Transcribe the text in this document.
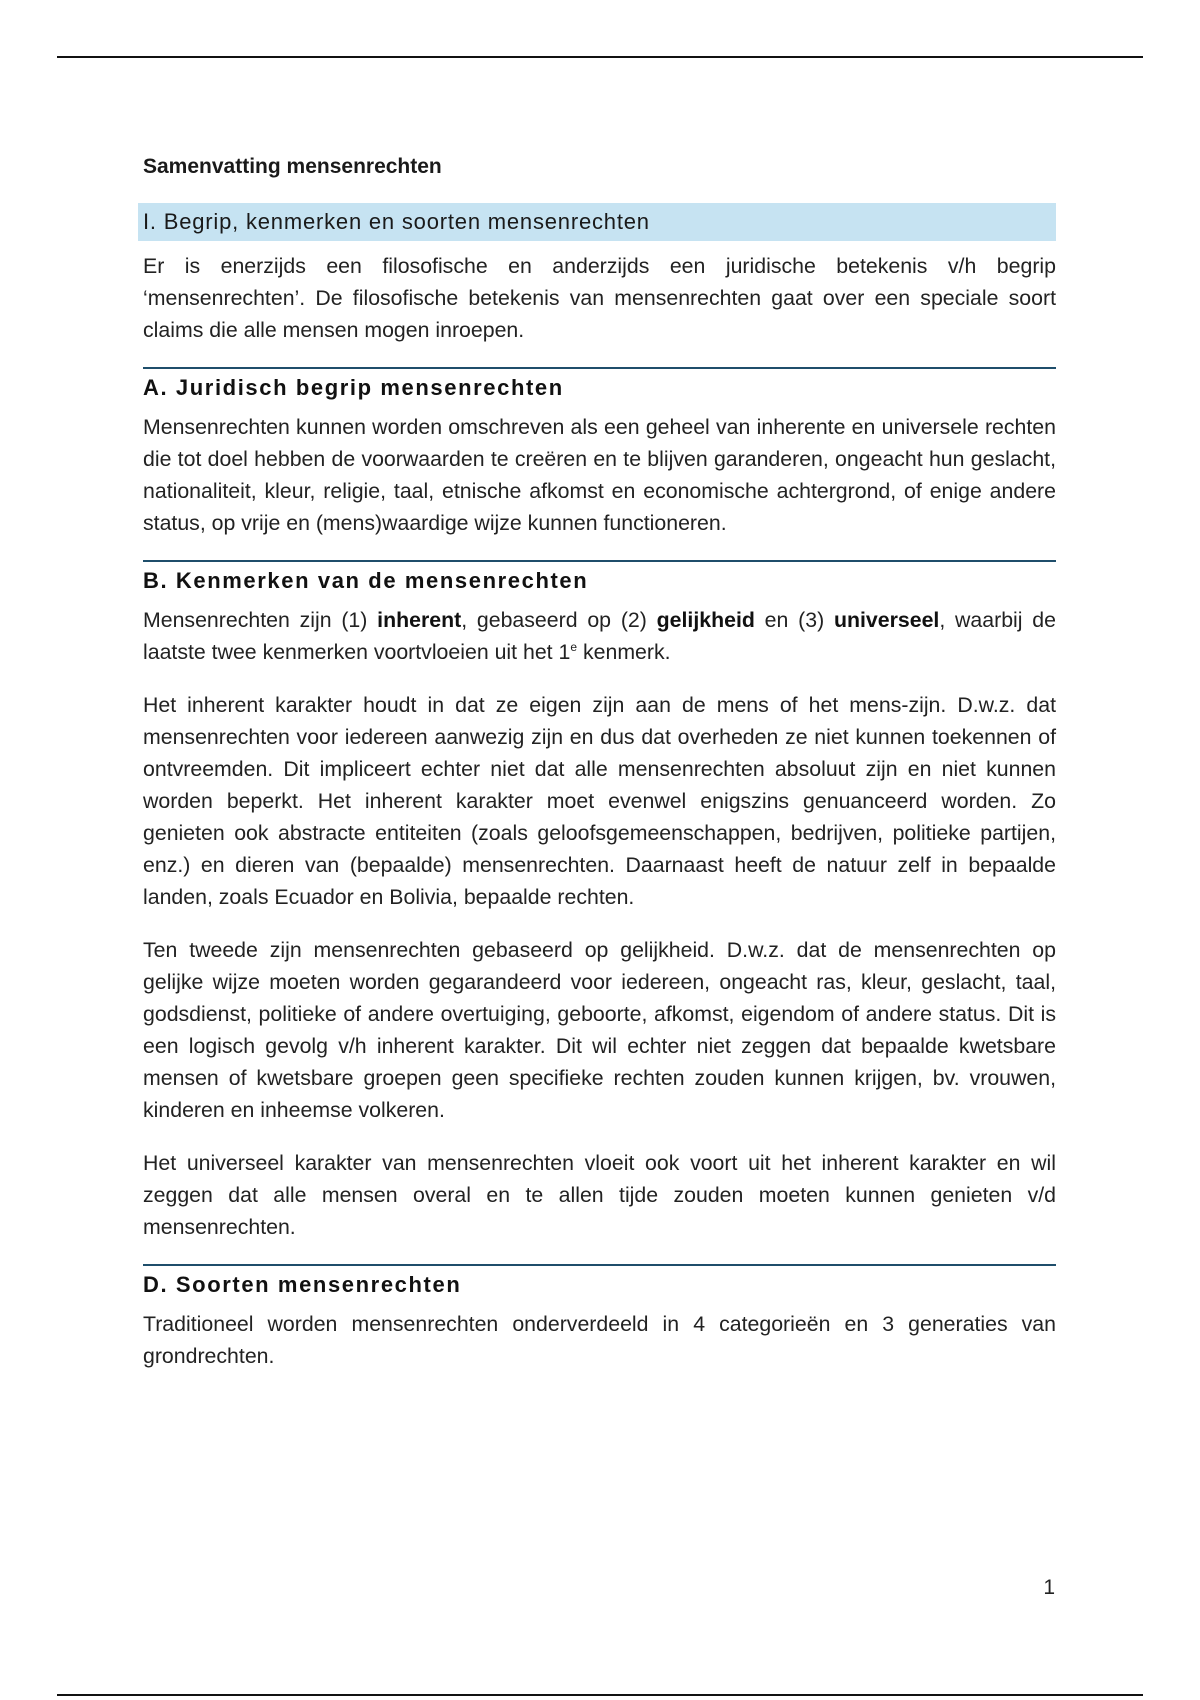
Samenvatting mensenrechten
I. Begrip, kenmerken en soorten mensenrechten

Er is enerzijds een filosofische en anderzijds een juridische betekenis v/h begrip ‘mensenrechten’. De filosofische betekenis van mensenrechten gaat over een speciale soort claims die alle mensen mogen inroepen.

A. Juridisch begrip mensenrechten

Mensenrechten kunnen worden omschreven als een geheel van inherente en universele rechten die tot doel hebben de voorwaarden te creëren en te blijven garanderen, ongeacht hun geslacht, nationaliteit, kleur, religie, taal, etnische afkomst en economische achtergrond, of enige andere status, op vrije en (mens)waardige wijze kunnen functioneren.

B. Kenmerken van de mensenrechten

Mensenrechten zijn (1) inherent, gebaseerd op (2) gelijkheid en (3) universeel, waarbij de laatste twee kenmerken voortvloeien uit het 1e kenmerk.

Het inherent karakter houdt in dat ze eigen zijn aan de mens of het mens-zijn. D.w.z. dat mensenrechten voor iedereen aanwezig zijn en dus dat overheden ze niet kunnen toekennen of ontvreemden. Dit impliceert echter niet dat alle mensenrechten absoluut zijn en niet kunnen worden beperkt. Het inherent karakter moet evenwel enigszins genuanceerd worden. Zo genieten ook abstracte entiteiten (zoals geloofsgemeenschappen, bedrijven, politieke partijen, enz.) en dieren van (bepaalde) mensenrechten. Daarnaast heeft de natuur zelf in bepaalde landen, zoals Ecuador en Bolivia, bepaalde rechten.

Ten tweede zijn mensenrechten gebaseerd op gelijkheid. D.w.z. dat de mensenrechten op gelijke wijze moeten worden gegarandeerd voor iedereen, ongeacht ras, kleur, geslacht, taal, godsdienst, politieke of andere overtuiging, geboorte, afkomst, eigendom of andere status. Dit is een logisch gevolg v/h inherent karakter. Dit wil echter niet zeggen dat bepaalde kwetsbare mensen of kwetsbare groepen geen specifieke rechten zouden kunnen krijgen, bv. vrouwen, kinderen en inheemse volkeren.

Het universeel karakter van mensenrechten vloeit ook voort uit het inherent karakter en wil zeggen dat alle mensen overal en te allen tijde zouden moeten kunnen genieten v/d mensenrechten.

D. Soorten mensenrechten

Traditioneel worden mensenrechten onderverdeeld in 4 categorieën en 3 generaties van grondrechten.

1
